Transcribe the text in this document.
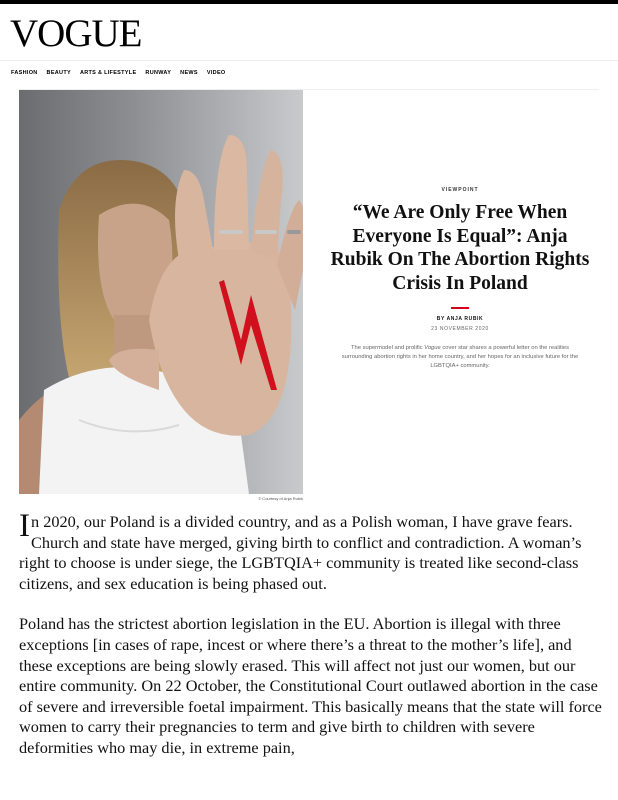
VOGUE
FASHION BEAUTY ARTS & LIFESTYLE RUNWAY NEWS VIDEO
© Courtesy of Anja Rubik
VIEWPOINT
“We Are Only Free When Everyone Is Equal”: Anja Rubik On The Abortion Rights Crisis In Poland
BY ANJA RUBIK
23 NOVEMBER 2020

The supermodel and prolific Vogue cover star shares a powerful letter on the realities surrounding abortion rights in her home country, and her hopes for an inclusive future for the LGBTQIA+ community.

In 2020, our Poland is a divided country, and as a Polish woman, I have grave fears. Church and state have merged, giving birth to conflict and contradiction. A woman’s right to choose is under siege, the LGBTQIA+ community is treated like second-class citizens, and sex education is being phased out.

Poland has the strictest abortion legislation in the EU. Abortion is illegal with three exceptions [in cases of rape, incest or where there’s a threat to the mother’s life], and these exceptions are being slowly erased. This will affect not just our women, but our entire community. On 22 October, the Constitutional Court outlawed abortion in the case of severe and irreversible foetal impairment. This basically means that the state will force women to carry their pregnancies to term and give birth to children with severe deformities who may die, in extreme pain,
